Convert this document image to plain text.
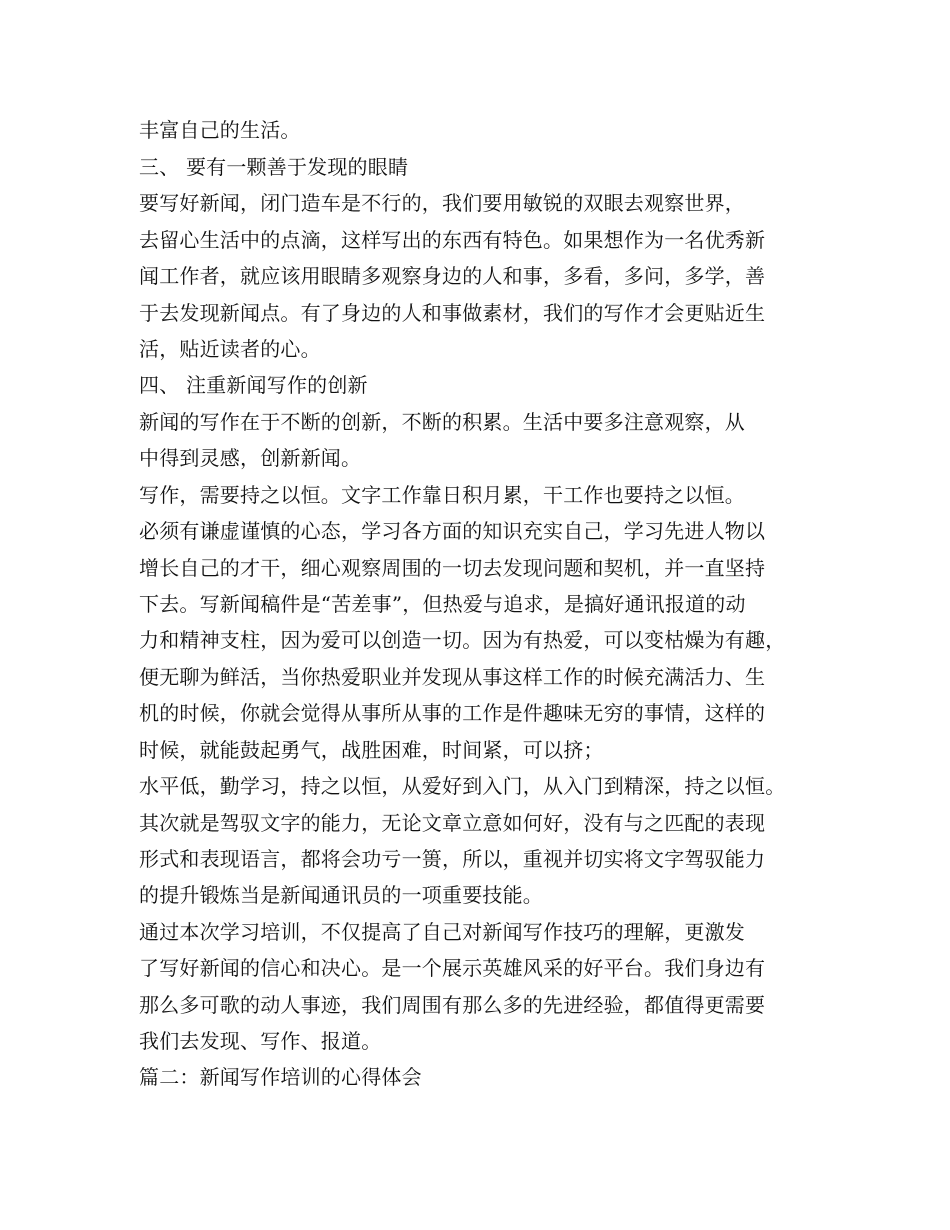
丰富自己的生活。
三、 要有一颗善于发现的眼睛
要写好新闻，闭门造车是不行的，我们要用敏锐的双眼去观察世界，
去留心生活中的点滴，这样写出的东西有特色。如果想作为一名优秀新
闻工作者，就应该用眼睛多观察身边的人和事，多看，多问，多学，善
于去发现新闻点。有了身边的人和事做素材，我们的写作才会更贴近生
活，贴近读者的心。
四、 注重新闻写作的创新
新闻的写作在于不断的创新，不断的积累。生活中要多注意观察，从
中得到灵感，创新新闻。
写作，需要持之以恒。文字工作靠日积月累，干工作也要持之以恒。
必须有谦虚谨慎的心态，学习各方面的知识充实自己，学习先进人物以
增长自己的才干，细心观察周围的一切去发现问题和契机，并一直坚持
下去。写新闻稿件是“苦差事”，但热爱与追求，是搞好通讯报道的动
力和精神支柱，因为爱可以创造一切。因为有热爱，可以变枯燥为有趣，
便无聊为鲜活，当你热爱职业并发现从事这样工作的时候充满活力、生
机的时候，你就会觉得从事所从事的工作是件趣味无穷的事情，这样的
时候，就能鼓起勇气，战胜困难，时间紧，可以挤；
水平低，勤学习，持之以恒，从爱好到入门，从入门到精深，持之以恒。
其次就是驾驭文字的能力，无论文章立意如何好，没有与之匹配的表现
形式和表现语言，都将会功亏一篑，所以，重视并切实将文字驾驭能力
的提升锻炼当是新闻通讯员的一项重要技能。
通过本次学习培训，不仅提高了自己对新闻写作技巧的理解，更激发
了写好新闻的信心和决心。是一个展示英雄风采的好平台。我们身边有
那么多可歌的动人事迹，我们周围有那么多的先进经验，都值得更需要
我们去发现、写作、报道。
篇二：新闻写作培训的心得体会
